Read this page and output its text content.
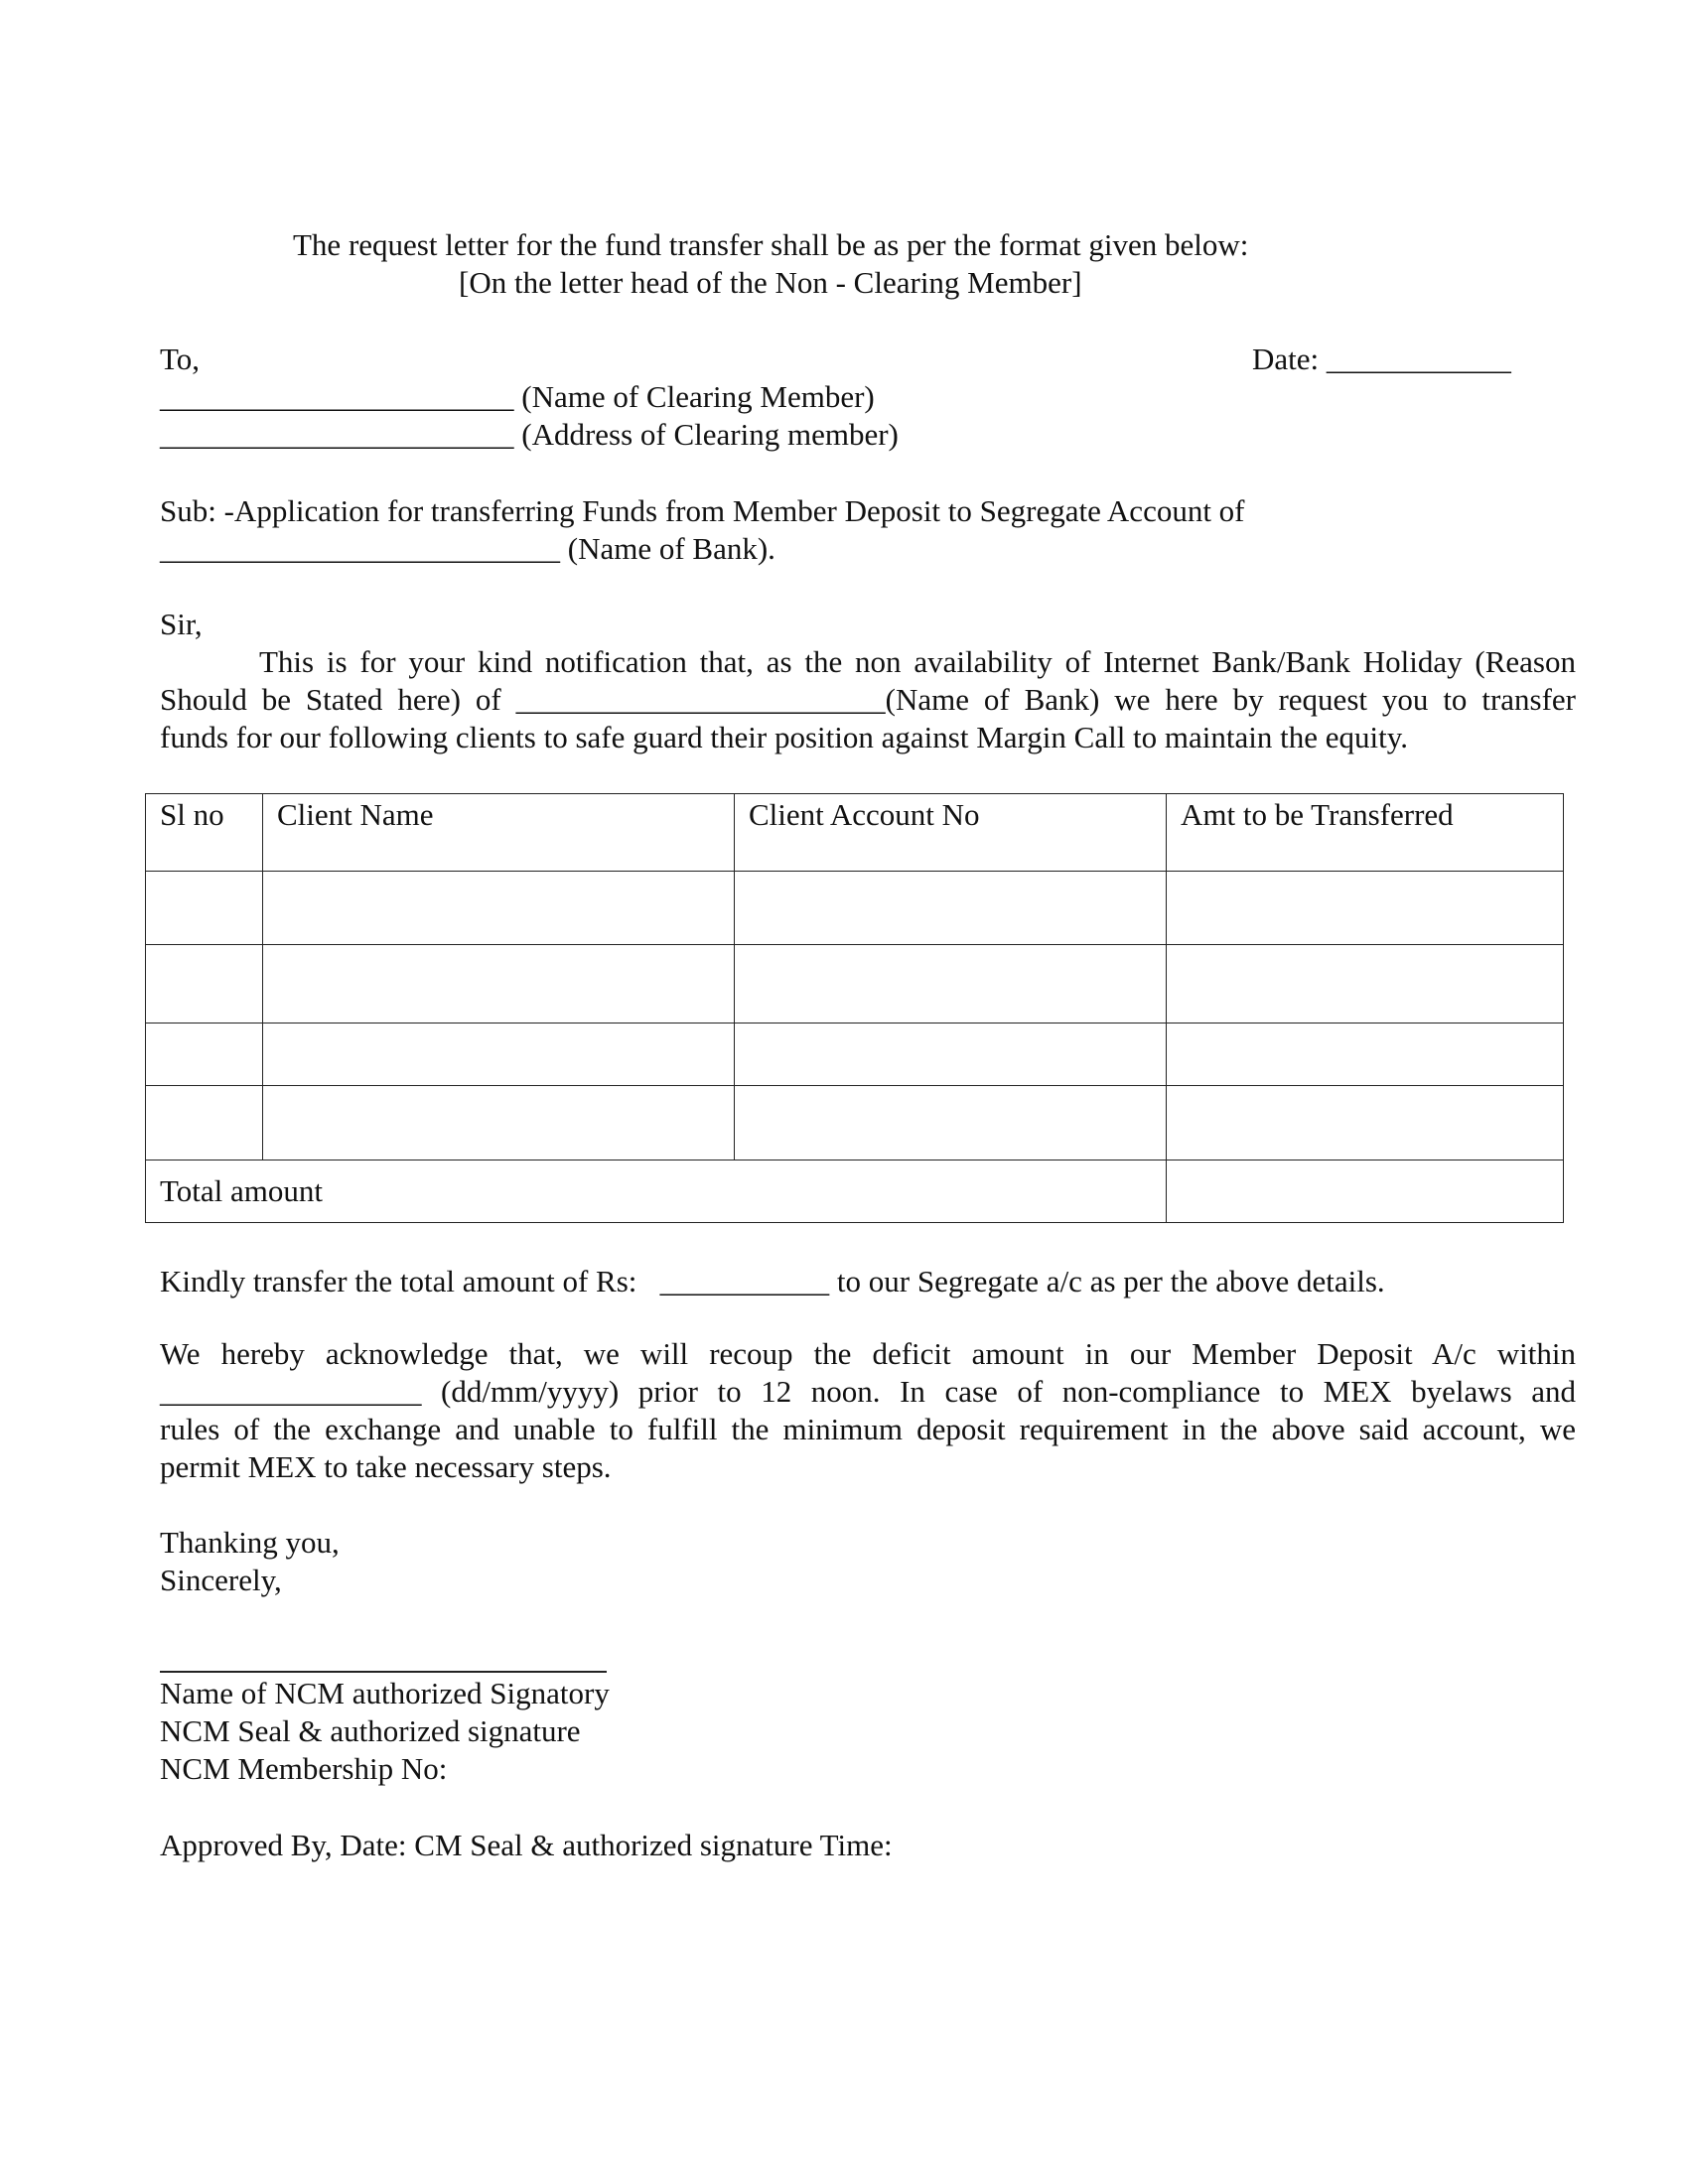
The request letter for the fund transfer shall be as per the format given below:
[On the letter head of the Non - Clearing Member]
To,	Date: ____________
_______________________ (Name of Clearing Member)
_______________________ (Address of Clearing member)
Sub: -Application for transferring Funds from Member Deposit to Segregate Account of
__________________________ (Name of Bank).
Sir,
This is for your kind notification that, as the non availability of Internet Bank/Bank Holiday (Reason
Should be Stated here) of ________________________(Name of Bank) we here by request you to transfer
funds for our following clients to safe guard their position against Margin Call to maintain the equity.
Sl no	Client Name	Client Account No	Amt to be Transferred

Total amount			
Kindly transfer the total amount of Rs:   ___________ to our Segregate a/c as per the above details.
We hereby acknowledge that, we will recoup the deficit amount in our Member Deposit A/c within
_________________ (dd/mm/yyyy) prior to 12 noon. In case of non-compliance to MEX byelaws and
rules of the exchange and unable to fulfill the minimum deposit requirement in the above said account, we
permit MEX to take necessary steps.
Thanking you,
Sincerely,
Name of NCM authorized Signatory
NCM Seal & authorized signature
NCM Membership No:
Approved By, Date: CM Seal & authorized signature Time:
